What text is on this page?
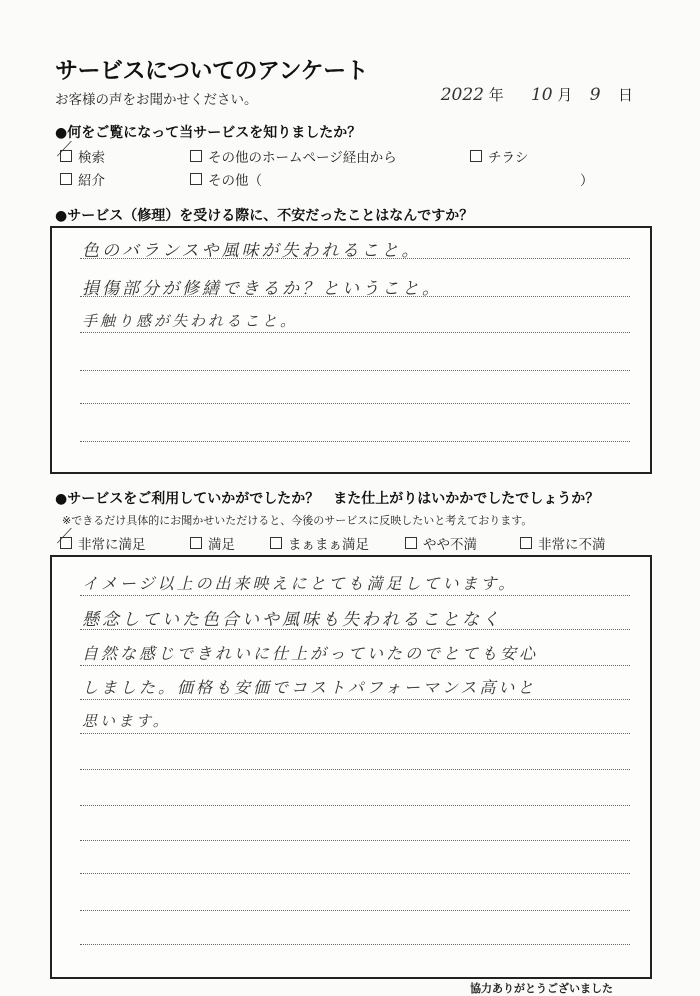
サービスについてのアンケート
お客様の声をお聞かせください。	2022 年 10 月 9 日
●何をご覧になって当サービスを知りましたか？
検索	その他のホームページ経由から	チラシ
紹介	その他（	）
●サービス（修理）を受ける際に、不安だったことはなんですか？
色のバランスや風味が失われること。
損傷部分が修繕できるか？ということ。
手触り感が失われること。
●サービスをご利用していかがでしたか？　また仕上がりはいかかでしたでしょうか？
※できるだけ具体的にお聞かせいただけると、今後のサービスに反映したいと考えております。
非常に満足	満足	まぁまぁ満足	やや不満	非常に不満
イメージ以上の出来映えにとても満足しています。
懸念していた色合いや風味も失われることなく
自然な感じできれいに仕上がっていたのでとても安心
しました。価格も安価でコストパフォーマンス高いと
思います。
協力ありがとうございました
